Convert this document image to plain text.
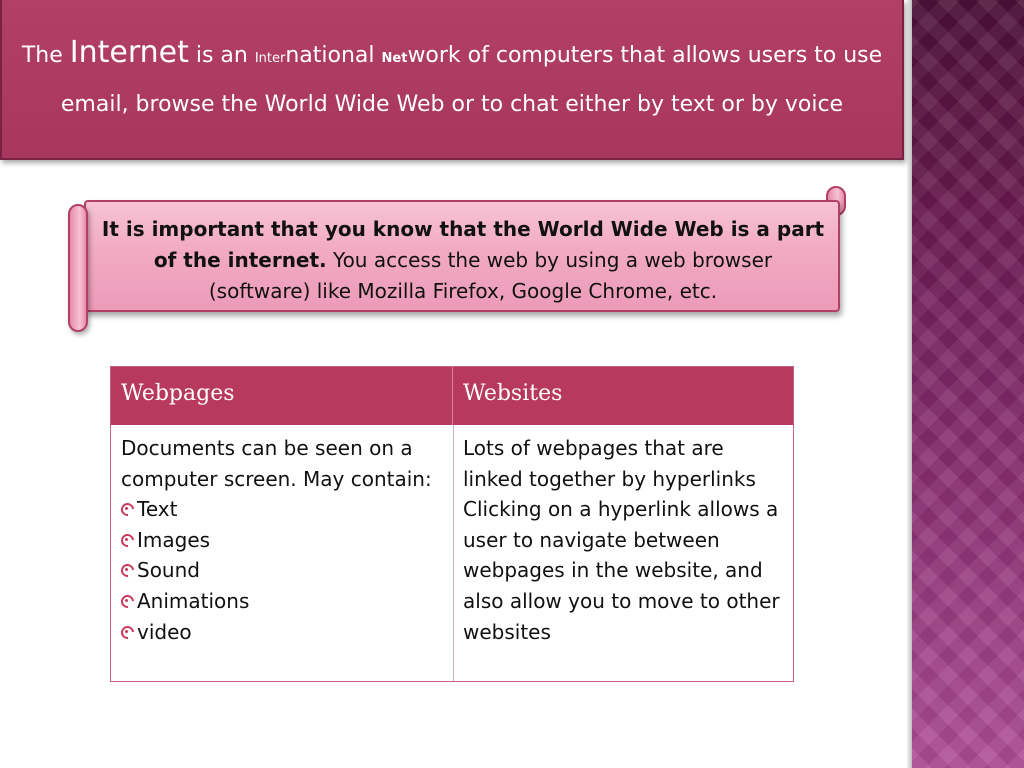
The Internet is an International Network of computers that allows users to use email, browse the World Wide Web or to chat either by text or by voice
It is important that you know that the World Wide Web is a part of the internet. You access the web by using a web browser (software) like Mozilla Firefox, Google Chrome, etc.
Webpages	Websites
Documents can be seen on a computer screen. May contain:
Text
Images
Sound
Animations
video
Lots of webpages that are linked together by hyperlinks
Clicking on a hyperlink allows a user to navigate between webpages in the website, and also allow you to move to other websites
